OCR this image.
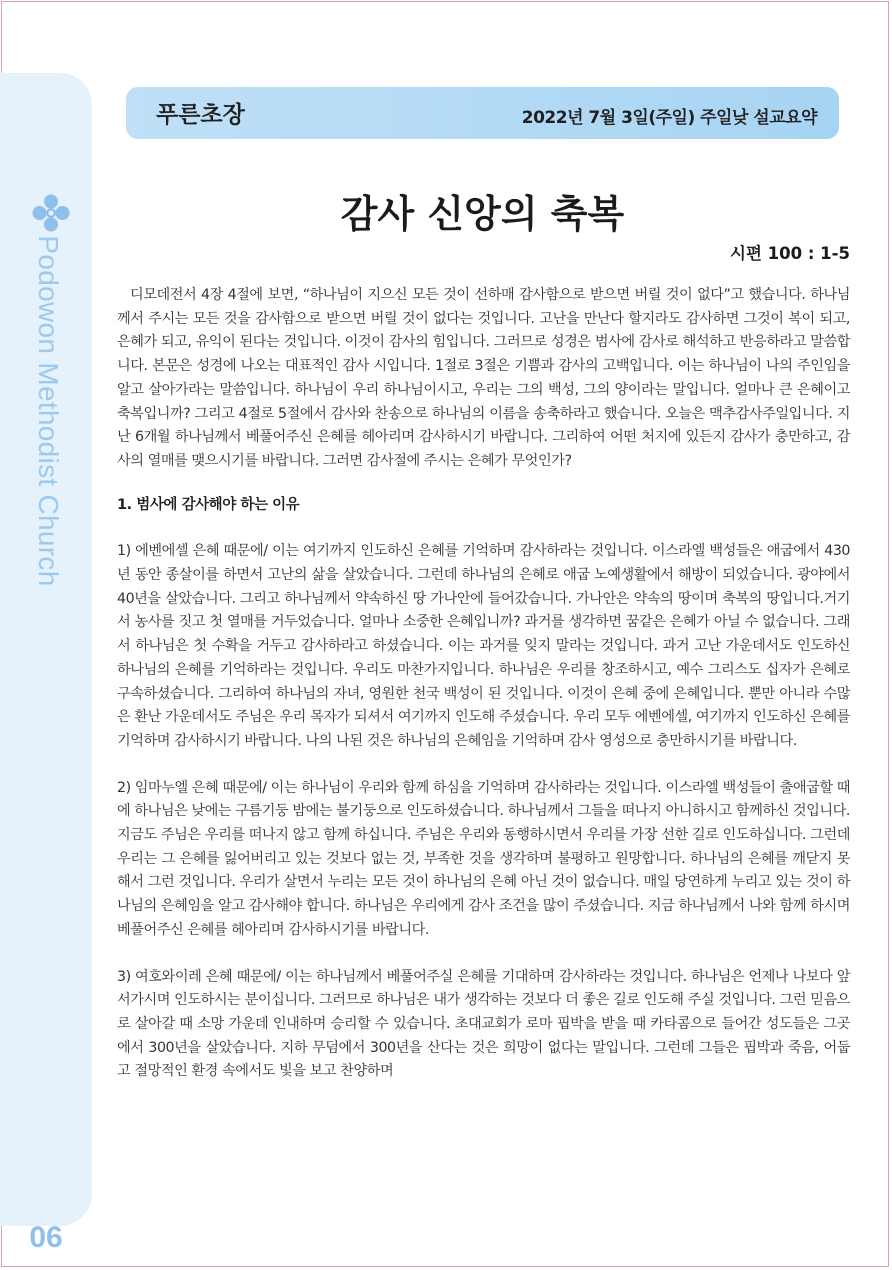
Podowon Methodist Church
06
푸른초장	2022년 7월 3일(주일) 주일낮 설교요약
감사 신앙의 축복
시편 100 : 1-5

디모데전서 4장 4절에 보면, “하나님이 지으신 모든 것이 선하매 감사함으로 받으면 버릴 것이 없다”고 했습니다. 하나님께서 주시는 모든 것을 감사함으로 받으면 버릴 것이 없다는 것입니다. 고난을 만난다 할지라도 감사하면 그것이 복이 되고, 은혜가 되고, 유익이 된다는 것입니다. 이것이 감사의 힘입니다. 그러므로 성경은 범사에 감사로 해석하고 반응하라고 말씀합니다. 본문은 성경에 나오는 대표적인 감사 시입니다. 1절로 3절은 기쁨과 감사의 고백입니다. 이는 하나님이 나의 주인임을 알고 살아가라는 말씀입니다. 하나님이 우리 하나님이시고, 우리는 그의 백성, 그의 양이라는 말입니다. 얼마나 큰 은혜이고 축복입니까? 그리고 4절로 5절에서 감사와 찬송으로 하나님의 이름을 송축하라고 했습니다. 오늘은 맥추감사주일입니다. 지난 6개월 하나님께서 베풀어주신 은혜를 헤아리며 감사하시기 바랍니다. 그리하여 어떤 처지에 있든지 감사가 충만하고, 감사의 열매를 맺으시기를 바랍니다. 그러면 감사절에 주시는 은혜가 무엇인가?

1. 범사에 감사해야 하는 이유

1) 에벤에셀 은혜 때문에/ 이는 여기까지 인도하신 은혜를 기억하며 감사하라는 것입니다. 이스라엘 백성들은 애굽에서 430년 동안 종살이를 하면서 고난의 삶을 살았습니다. 그런데 하나님의 은혜로 애굽 노예생활에서 해방이 되었습니다. 광야에서 40년을 살았습니다. 그리고 하나님께서 약속하신 땅 가나안에 들어갔습니다. 가나안은 약속의 땅이며 축복의 땅입니다.거기서 농사를 짓고 첫 열매를 거두었습니다. 얼마나 소중한 은혜입니까? 과거를 생각하면 꿈같은 은혜가 아닐 수 없습니다. 그래서 하나님은 첫 수확을 거두고 감사하라고 하셨습니다. 이는 과거를 잊지 말라는 것입니다. 과거 고난 가운데서도 인도하신 하나님의 은혜를 기억하라는 것입니다. 우리도 마찬가지입니다. 하나님은 우리를 창조하시고, 예수 그리스도 십자가 은혜로 구속하셨습니다. 그리하여 하나님의 자녀, 영원한 천국 백성이 된 것입니다. 이것이 은혜 중에 은혜입니다. 뿐만 아니라 수많은 환난 가운데서도 주님은 우리 목자가 되셔서 여기까지 인도해 주셨습니다. 우리 모두 에벤에셀, 여기까지 인도하신 은혜를 기억하며 감사하시기 바랍니다. 나의 나된 것은 하나님의 은혜임을 기억하며 감사 영성으로 충만하시기를 바랍니다.

2) 임마누엘 은혜 때문에/ 이는 하나님이 우리와 함께 하심을 기억하며 감사하라는 것입니다. 이스라엘 백성들이 출애굽할 때에 하나님은 낮에는 구름기둥 밤에는 불기둥으로 인도하셨습니다. 하나님께서 그들을 떠나지 아니하시고 함께하신 것입니다. 지금도 주님은 우리를 떠나지 않고 함께 하십니다. 주님은 우리와 동행하시면서 우리를 가장 선한 길로 인도하십니다. 그런데 우리는 그 은혜를 잃어버리고 있는 것보다 없는 것, 부족한 것을 생각하며 불평하고 원망합니다. 하나님의 은혜를 깨닫지 못해서 그런 것입니다. 우리가 살면서 누리는 모든 것이 하나님의 은혜 아닌 것이 없습니다. 매일 당연하게 누리고 있는 것이 하나님의 은혜임을 알고 감사해야 합니다. 하나님은 우리에게 감사 조건을 많이 주셨습니다. 지금 하나님께서 나와 함께 하시며 베풀어주신 은혜를 헤아리며 감사하시기를 바랍니다.

3) 여호와이레 은혜 때문에/ 이는 하나님께서 베풀어주실 은혜를 기대하며 감사하라는 것입니다. 하나님은 언제나 나보다 앞서가시며 인도하시는 분이십니다. 그러므로 하나님은 내가 생각하는 것보다 더 좋은 길로 인도해 주실 것입니다. 그런 믿음으로 살아갈 때 소망 가운데 인내하며 승리할 수 있습니다. 초대교회가 로마 핍박을 받을 때 카타콤으로 들어간 성도들은 그곳에서 300년을 살았습니다. 지하 무덤에서 300년을 산다는 것은 희망이 없다는 말입니다. 그런데 그들은 핍박과 죽음, 어둡고 절망적인 환경 속에서도 빛을 보고 찬양하며
